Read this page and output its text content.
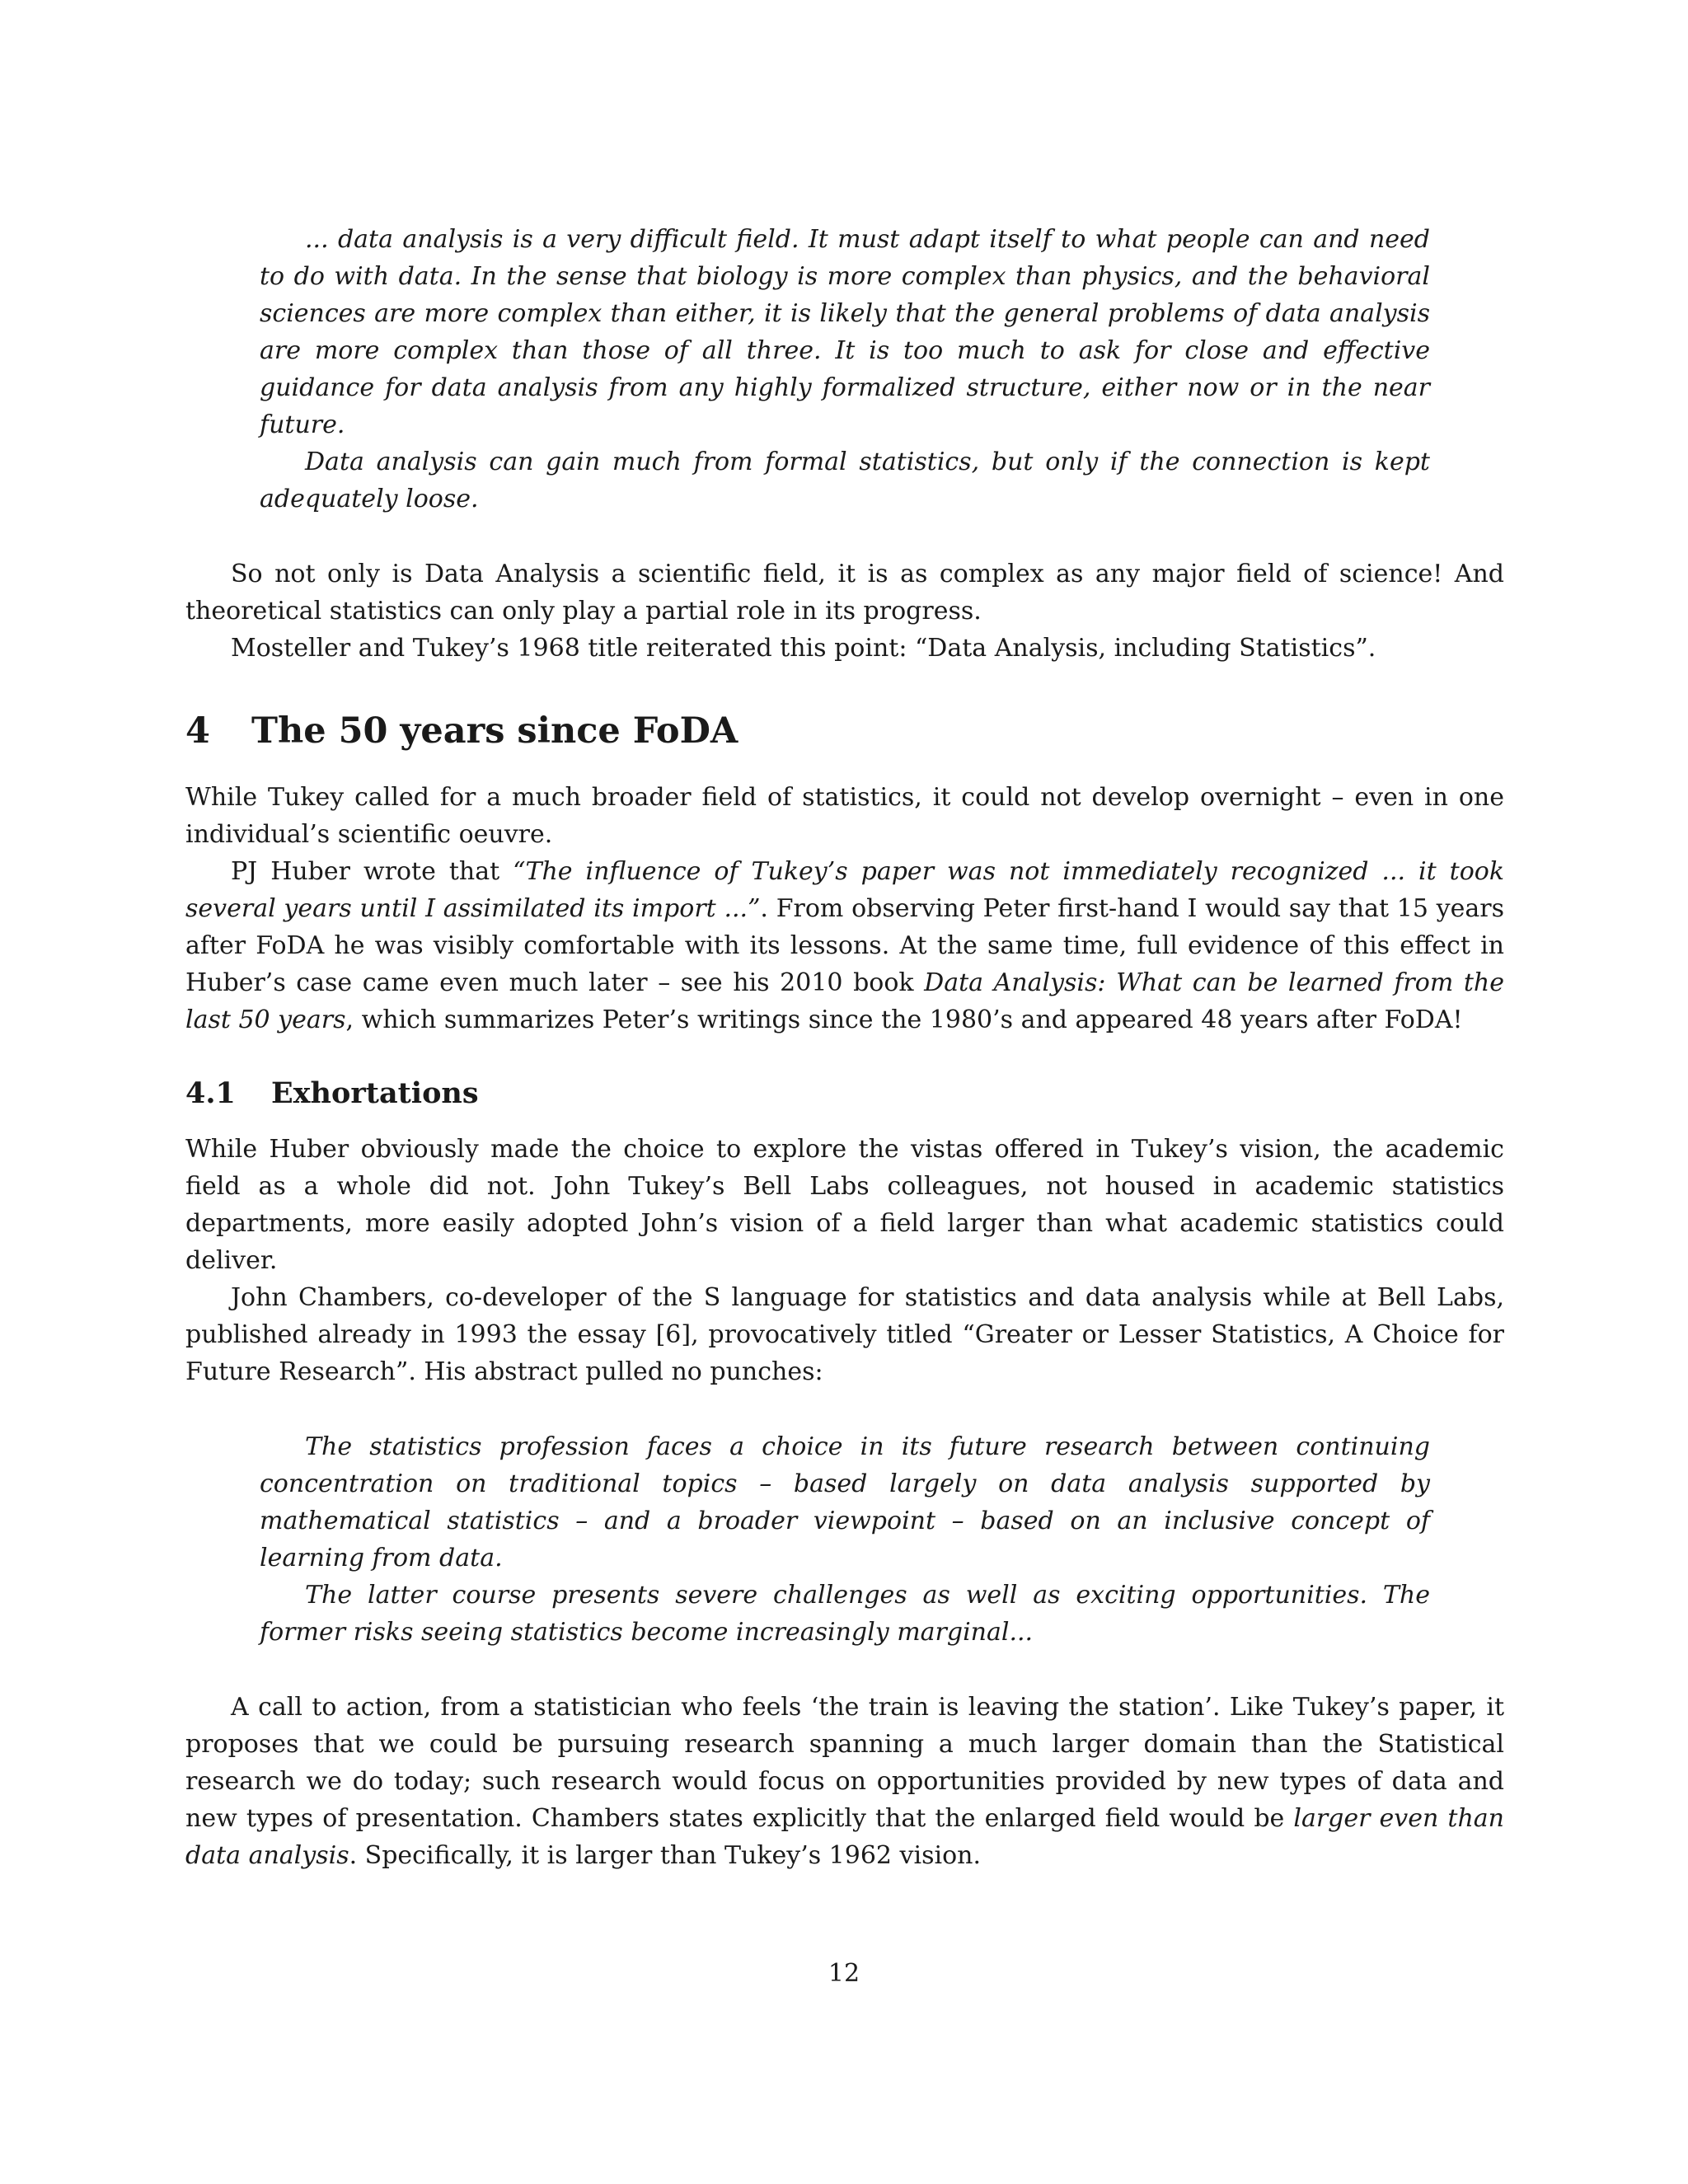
... data analysis is a very difficult field. It must adapt itself to what people can and need to do with data. In the sense that biology is more complex than physics, and the behavioral sciences are more complex than either, it is likely that the general problems of data analysis are more complex than those of all three. It is too much to ask for close and effective guidance for data analysis from any highly formalized structure, either now or in the near future.

Data analysis can gain much from formal statistics, but only if the connection is kept adequately loose.

So not only is Data Analysis a scientific field, it is as complex as any major field of science! And theoretical statistics can only play a partial role in its progress.

Mosteller and Tukey’s 1968 title reiterated this point: “Data Analysis, including Statistics”.

4 The 50 years since FoDA

While Tukey called for a much broader field of statistics, it could not develop overnight – even in one individual’s scientific oeuvre.

PJ Huber wrote that “The influence of Tukey’s paper was not immediately recognized ... it took several years until I assimilated its import ...”. From observing Peter first-hand I would say that 15 years after FoDA he was visibly comfortable with its lessons. At the same time, full evidence of this effect in Huber’s case came even much later – see his 2010 book Data Analysis: What can be learned from the last 50 years, which summarizes Peter’s writings since the 1980’s and appeared 48 years after FoDA!

4.1 Exhortations

While Huber obviously made the choice to explore the vistas offered in Tukey’s vision, the academic field as a whole did not. John Tukey’s Bell Labs colleagues, not housed in academic statistics departments, more easily adopted John’s vision of a field larger than what academic statistics could deliver.

John Chambers, co-developer of the S language for statistics and data analysis while at Bell Labs, published already in 1993 the essay [6], provocatively titled “Greater or Lesser Statistics, A Choice for Future Research”. His abstract pulled no punches:

The statistics profession faces a choice in its future research between continuing concentration on traditional topics – based largely on data analysis supported by mathematical statistics – and a broader viewpoint – based on an inclusive concept of learning from data.

The latter course presents severe challenges as well as exciting opportunities. The former risks seeing statistics become increasingly marginal...

A call to action, from a statistician who feels ‘the train is leaving the station’. Like Tukey’s paper, it proposes that we could be pursuing research spanning a much larger domain than the Statistical research we do today; such research would focus on opportunities provided by new types of data and new types of presentation. Chambers states explicitly that the enlarged field would be larger even than data analysis. Specifically, it is larger than Tukey’s 1962 vision.

12
